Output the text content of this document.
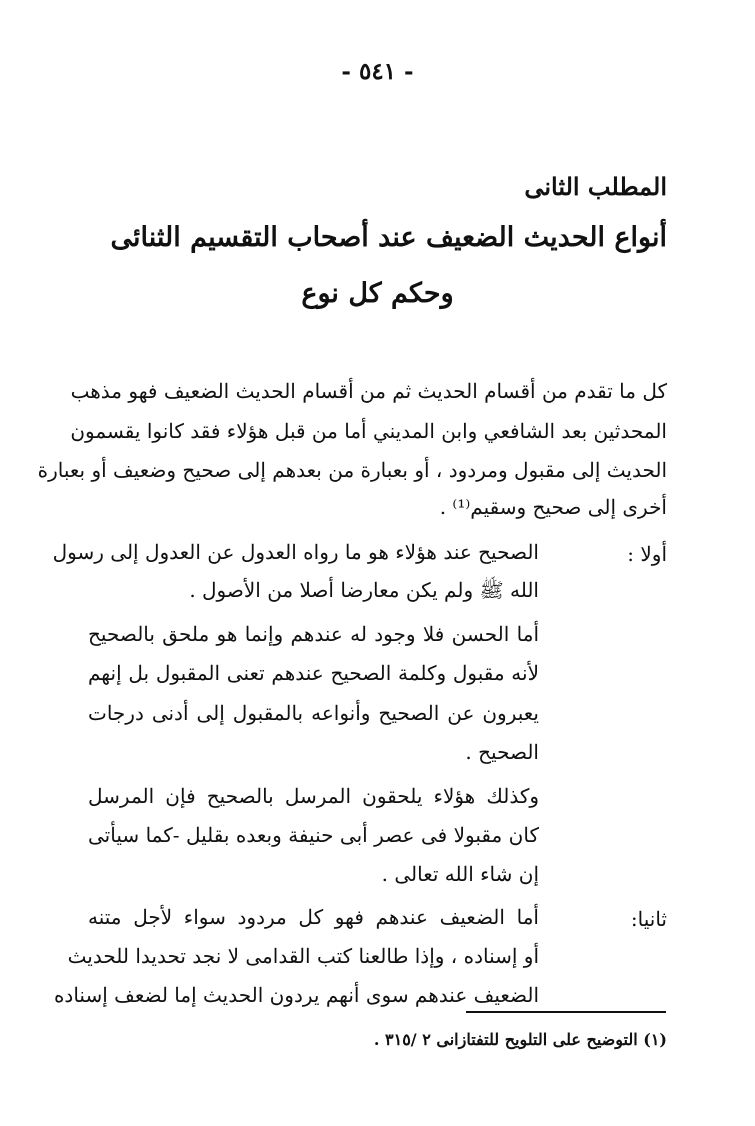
- ٥٤١ -
المطلب الثانى
أنواع الحديث الضعيف عند أصحاب التقسيم الثنائى
وحكم كل نوع
كل ما تقدم من أقسام الحديث ثم من أقسام الحديث الضعيف فهو مذهب
المحدثين بعد الشافعي وابن المديني أما من قبل هؤلاء فقد كانوا يقسمون
الحديث إلى مقبول ومردود ، أو بعبارة من بعدهم إلى صحيح وضعيف أو بعبارة
أخرى إلى صحيح وسقيم⁽¹⁾ .
أولا :
الصحيح عند هؤلاء هو ما رواه العدول عن العدول إلى رسول
الله ﷺ ولم يكن معارضا أصلا من الأصول .
أما الحسن فلا وجود له عندهم وإنما هو ملحق بالصحيح
لأنه مقبول وكلمة الصحيح عندهم تعنى المقبول بل إنهم
يعبرون عن الصحيح وأنواعه بالمقبول إلى أدنى درجات
الصحيح .
وكذلك هؤلاء يلحقون المرسل بالصحيح فإن المرسل
كان مقبولا فى عصر أبى حنيفة وبعده بقليل -كما سيأتى
إن شاء الله تعالى .
ثانيا:
أما الضعيف عندهم فهو كل مردود سواء لأجل متنه
أو إسناده ، وإذا طالعنا كتب القدامى لا نجد تحديدا للحديث
الضعيف عندهم سوى أنهم يردون الحديث إما لضعف إسناده
(١) التوضيح على التلويح للتفتازانى ٢ /٣١٥ .
